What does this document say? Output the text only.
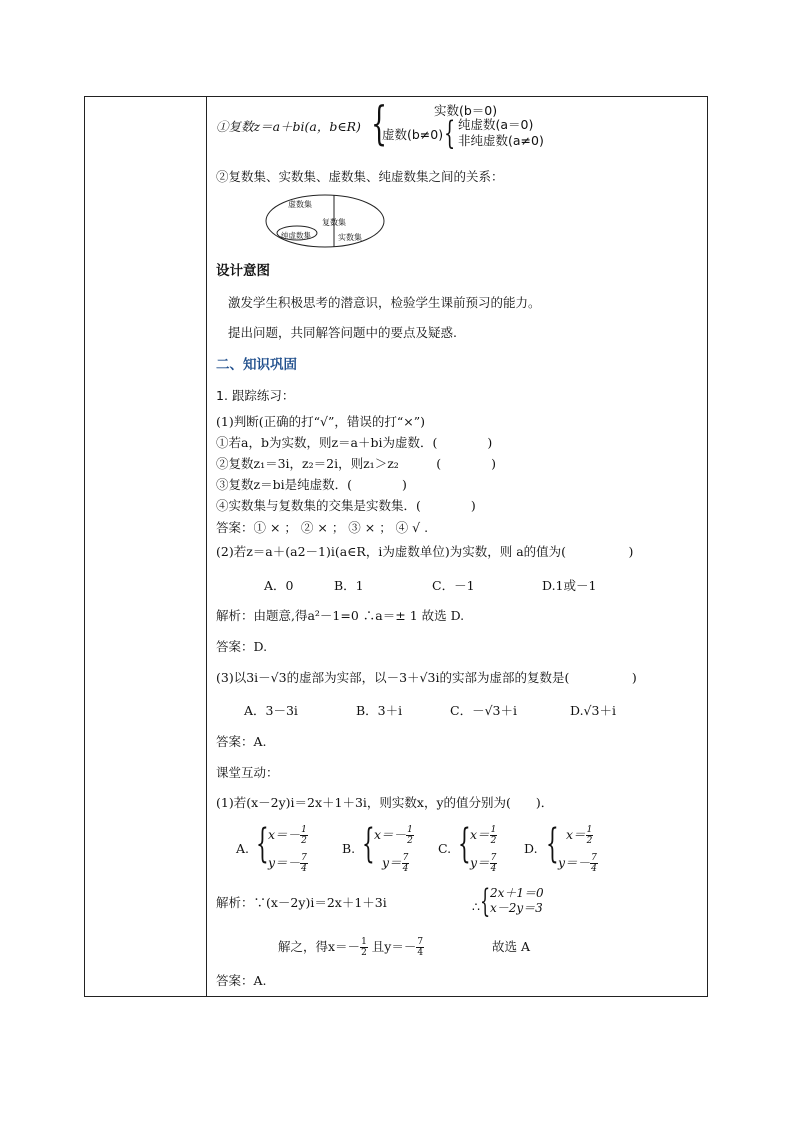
①复数z＝a＋bi(a，b∈R) {	实数(b＝0)
虚数(b≠0) { 纯虚数(a＝0)
非纯虚数(a≠0)
②复数集、实数集、虚数集、纯虚数集之间的关系：
虚数集
复数集
纯虚数集	实数集
设计意图
激发学生积极思考的潜意识，检验学生课前预习的能力。
提出问题，共同解答问题中的要点及疑惑.
二、知识巩固
1. 跟踪练习：
(1)判断(正确的打“√”，错误的打“×”)
①若a，b为实数，则z＝a＋bi为虚数．(　　　　)
②复数z₁＝3i，z₂＝2i，则z₁＞z₂　　　(　　　　)
③复数z＝bi是纯虚数．(　　　　)
④实数集与复数集的交集是实数集．(　　　　)
答案：① × ； ② × ； ③ × ； ④ √ .
(2)若z＝a＋(a2－1)i(a∈R，i为虚数单位)为实数，则 a的值为(　　　　　)
A．0	B．1	C．－1	D.1或－1
解析：由题意,得a²－1=0 ∴a＝± 1 故选 D.
答案：D.
(3)以3i－√3的虚部为实部，以－3＋√3i的实部为虚部的复数是(　　　　　)
A．3－3i	B．3＋i	C．－√3＋i	D.√3＋i
答案：A.
课堂互动：
(1)若(x－2y)i＝2x＋1＋3i，则实数x，y的值分别为(　　)．
A. { $x=- \frac{1}{2}$
$y=- \frac{7}{4}$
B. { $x=- \frac{1}{2}$
$y= \frac{7}{4}$
C. { $x= \frac{1}{2}$
$y= \frac{7}{4}$
D. { $x= \frac{1}{2}$
$y=- \frac{7}{4}$
解析：∵(x－2y)i＝2x＋1＋3i	∴ { 2x＋1＝0
x－2y＝3
解之，得$x=- \frac{1}{2}$ 且$y=- \frac{7}{4}$	故选 A
答案：A.
